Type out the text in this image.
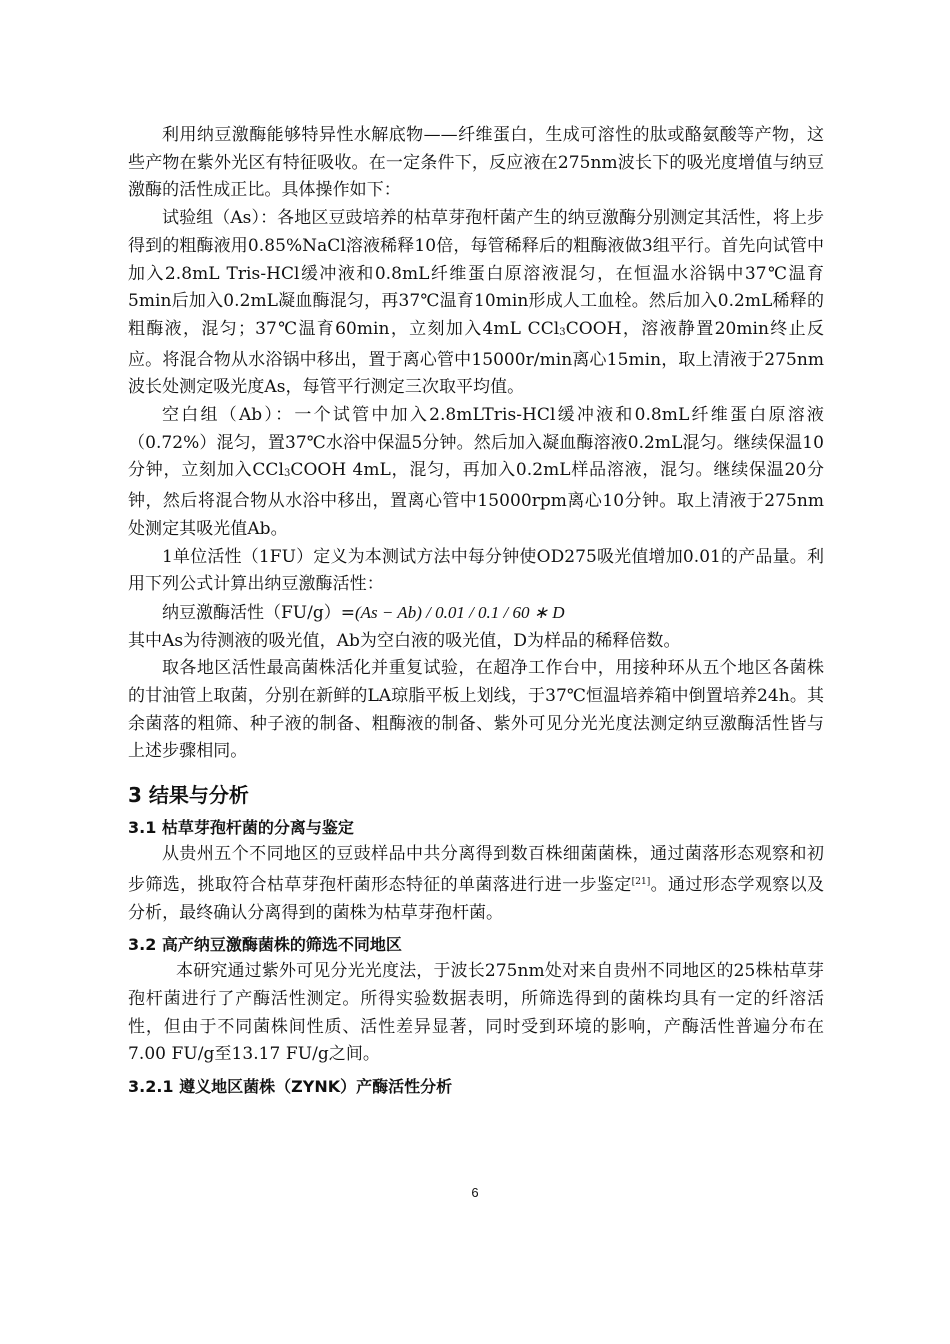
利用纳豆激酶能够特异性水解底物——纤维蛋白，生成可溶性的肽或酪氨酸等产物，这些产物在紫外光区有特征吸收。在一定条件下，反应液在275nm波长下的吸光度增值与纳豆激酶的活性成正比。具体操作如下：

试验组（As）：各地区豆豉培养的枯草芽孢杆菌产生的纳豆激酶分别测定其活性，将上步得到的粗酶液用0.85%NaCl溶液稀释10倍，每管稀释后的粗酶液做3组平行。首先向试管中加入2.8mL Tris-HCl缓冲液和0.8mL纤维蛋白原溶液混匀，在恒温水浴锅中37℃温育5min后加入0.2mL凝血酶混匀，再37℃温育10min形成人工血栓。然后加入0.2mL稀释的粗酶液，混匀；37℃温育60min，立刻加入4mL CCl$_3$COOH，溶液静置20min终止反应。将混合物从水浴锅中移出，置于离心管中15000r/min离心15min，取上清液于275nm波长处测定吸光度As，每管平行测定三次取平均值。

空白组（Ab）：一个试管中加入2.8mLTris-HCl缓冲液和0.8mL纤维蛋白原溶液（0.72%）混匀，置37℃水浴中保温5分钟。然后加入凝血酶溶液0.2mL混匀。继续保温10分钟，立刻加入CCl$_3$COOH 4mL，混匀，再加入0.2mL样品溶液，混匀。继续保温20分钟，然后将混合物从水浴中移出，置离心管中15000rpm离心10分钟。取上清液于275nm处测定其吸光值Ab。

1单位活性（1FU）定义为本测试方法中每分钟使OD275吸光值增加0.01的产品量。利用下列公式计算出纳豆激酶活性：

纳豆激酶活性（FU/g）=(As − Ab) / 0.01 / 0.1 / 60 ∗ D

其中As为待测液的吸光值，Ab为空白液的吸光值，D为样品的稀释倍数。

取各地区活性最高菌株活化并重复试验，在超净工作台中，用接种环从五个地区各菌株的甘油管上取菌，分别在新鲜的LA琼脂平板上划线，于37℃恒温培养箱中倒置培养24h。其余菌落的粗筛、种子液的制备、粗酶液的制备、紫外可见分光光度法测定纳豆激酶活性皆与上述步骤相同。

3 结果与分析
3.1 枯草芽孢杆菌的分离与鉴定

从贵州五个不同地区的豆豉样品中共分离得到数百株细菌菌株，通过菌落形态观察和初步筛选，挑取符合枯草芽孢杆菌形态特征的单菌落进行进一步鉴定[21]。通过形态学观察以及分析，最终确认分离得到的菌株为枯草芽孢杆菌。

3.2 高产纳豆激酶菌株的筛选不同地区

本研究通过紫外可见分光光度法，于波长275nm处对来自贵州不同地区的25株枯草芽孢杆菌进行了产酶活性测定。所得实验数据表明，所筛选得到的菌株均具有一定的纤溶活性，但由于不同菌株间性质、活性差异显著，同时受到环境的影响，产酶活性普遍分布在7.00 FU/g至13.17 FU/g之间。

3.2.1 遵义地区菌株（ZYNK）产酶活性分析
6
